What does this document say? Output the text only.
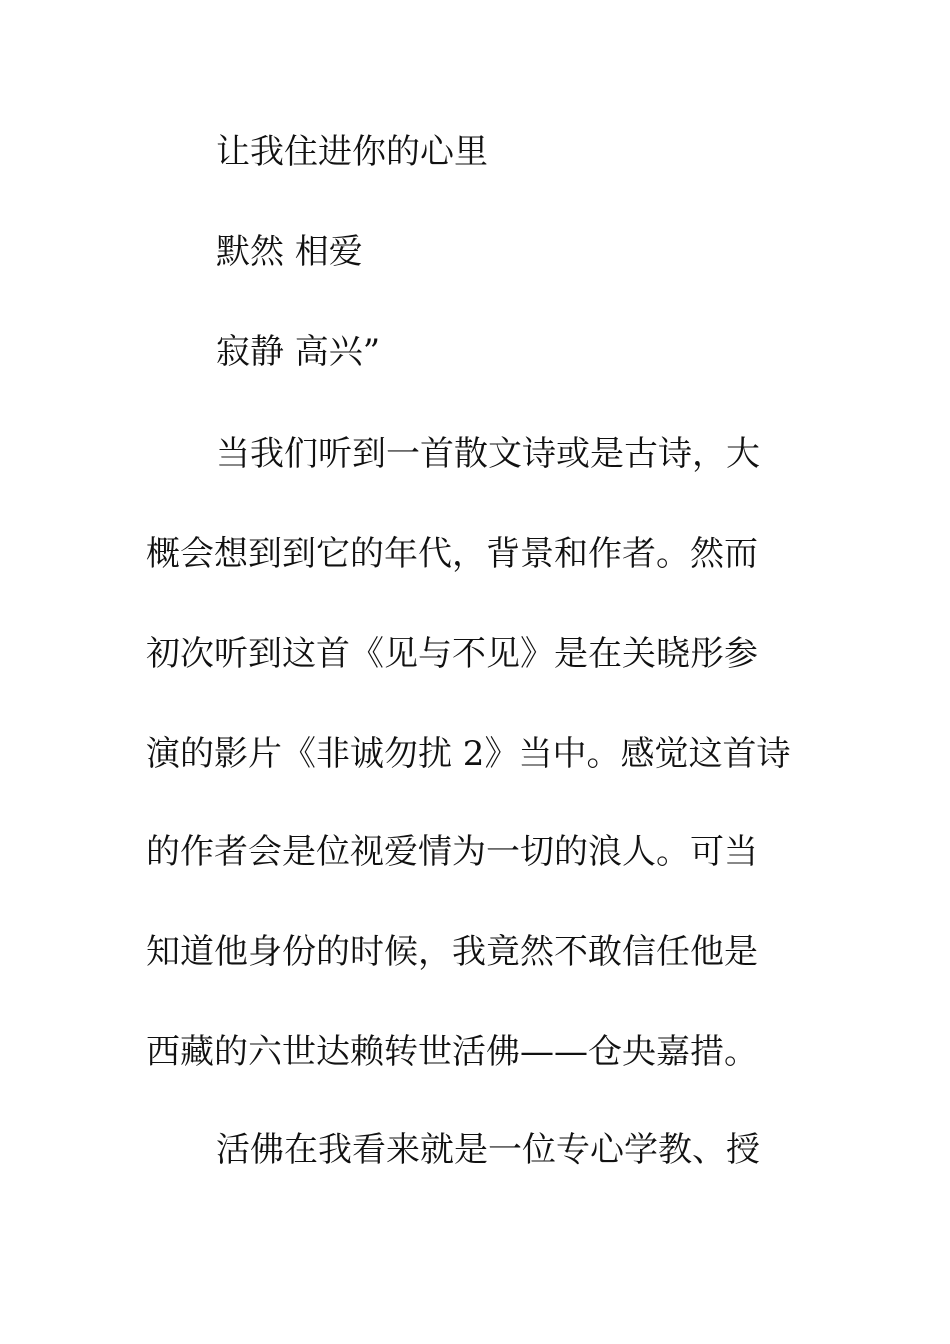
让我住进你的心里
默然 相爱
寂静 高兴”
当我们听到一首散文诗或是古诗，大
概会想到到它的年代，背景和作者。然而
初次听到这首《见与不见》是在关晓彤参
演的影片《非诚勿扰 2》当中。感觉这首诗
的作者会是位视爱情为一切的浪人。可当
知道他身份的时候，我竟然不敢信任他是
西藏的六世达赖转世活佛——仓央嘉措。
活佛在我看来就是一位专心学教、授
